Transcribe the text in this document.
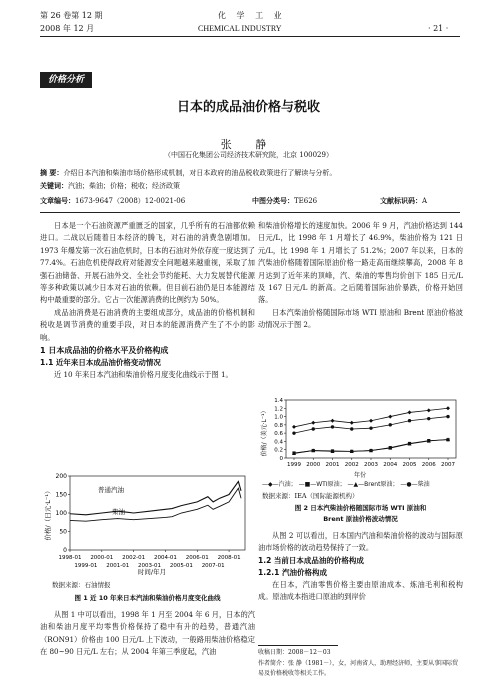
第 26 卷第 12 期	化 学 工 业
2008 年 12 月	CHEMICAL INDUSTRY	· 21 ·
价格分析
日本的成品油价格与税收
张 静
（中国石化集团公司经济技术研究院，北京 100029）
摘 要：介绍日本汽油和柴油市场价格形成机制，对日本政府的油品税收政策进行了解读与分析。
关键词：汽油；柴油；价格；税收；经济政策
文章编号：1673-9647（2008）12-0021-06	中图分类号：TE626	文献标识码：A

日本是一个石油资源严重匮乏的国家，几乎所有的石油都依赖进口。二战以后随着日本经济的腾飞，对石油的消费急剧增加。1973 年爆发第一次石油危机时，日本的石油对外依存度一度达到了 77.4%。石油危机使得政府对能源安全问题越来越重视，采取了加强石油储备、开展石油外交、全社会节约能耗、大力发展替代能源等多种政策以减少日本对石油的依赖。但目前石油仍是日本能源结构中最重要的部分。它占一次能源消费的比例约为 50%。

成品油消费是石油消费的主要组成部分，成品油的价格机制和税收是调节消费的重要手段，对日本的能源消费产生了不小的影响。

1 日本成品油的价格水平及价格构成
1.1 近年来日本成品油价格变动情况

近 10 年来日本汽油和柴油价格月度变化曲线示于图 1。

价格/（日元·L⁻¹）
0
50
100
150
200
1998-01 2000-01 2002-01 2004-01 2006-01 2008-01
1999-01 2001-01 2003-01 2005-01 2007-01
普通汽油
柴油
时间/年月
数据来源：石油情报
图 1 近 10 年来日本汽油和柴油价格月度变化曲线

从图 1 中可以看出，1998 年 1 月至 2004 年 6 月，日本的汽油和柴油月度平均零售价格保持了稳中有升的趋势，普通汽油（RON91）价格由 100 日元/L 上下波动，一般路用柴油价格稳定在 80~90 日元/L 左右；从 2004 年第三季度起，汽油

和柴油价格增长的速度加快。2006 年 9 月，汽油价格达到 144 日元/L，比 1998 年 1 月增长了 46.9%，柴油价格为 121 日元/L，比 1998 年 1 月增长了 51.2%；2007 年以来，日本的汽柴油价格随着国际原油价格一路走高而继续攀高，2008 年 8 月达到了近年来的顶峰，汽、柴油的零售均价创下 185 日元/L 及 167 日元/L 的新高。之后随着国际油价暴跌，价格开始回落。

日本汽柴油价格随国际市场 WTI 原油和 Brent 原油价格波动情况示于图 2。

价格/（美元·L⁻¹）
0
0.2
0.4
0.6
0.8
1.0
1.2
1.4
1999 2000 2001 2002 2003 2004 2005 2006 2007
年份
—◆—汽油； —■—WTI原油； —▲—Brent原油； —●—柴油
数据来源：IEA（国际能源机构）
图 2 日本汽柴油价格随国际市场 WTI 原油和
Brent 原油价格波动情况

从图 2 可以看出，日本国内汽油和柴油价格的波动与国际原油市场价格的波动趋势保持了一致。

1.2 当前日本成品油的价格构成
1.2.1 汽油价格构成

在日本，汽油零售价格主要由原油成本、炼油毛利和税构成。原油成本指进口原油的到岸价

收稿日期：2008－12－03
作者简介：张 静（1981－），女，河南省人，助理经济师，主要从事国际贸易及价格税收等相关工作。
